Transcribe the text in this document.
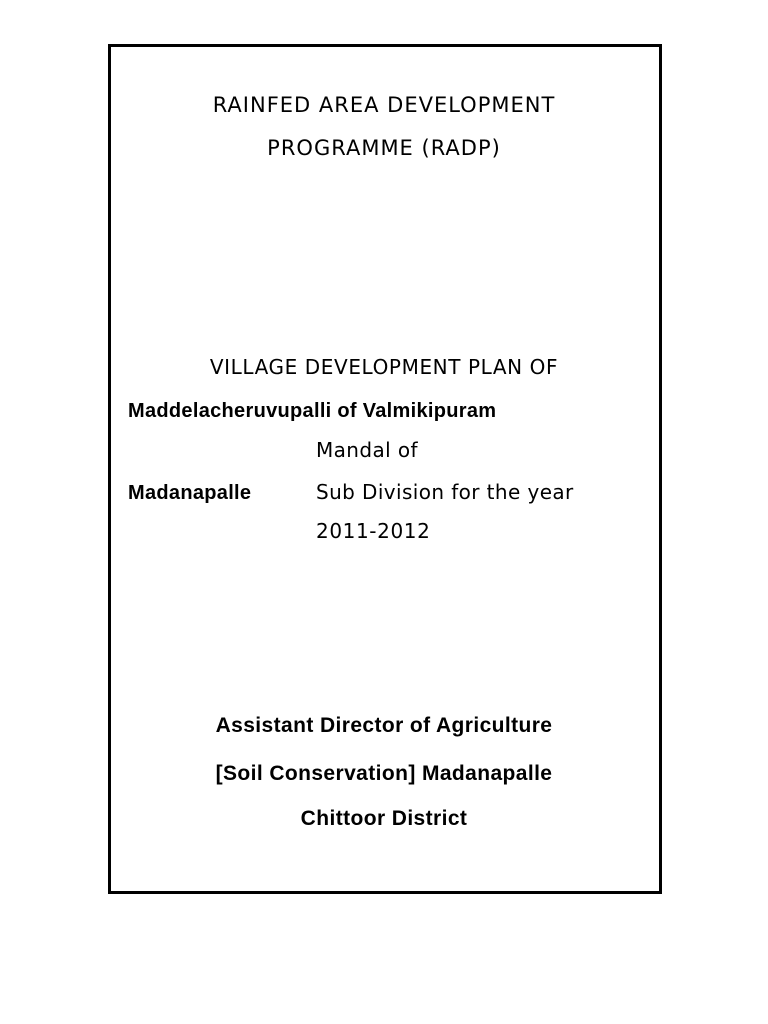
RAINFED AREA DEVELOPMENT
PROGRAMME (RADP)
VILLAGE DEVELOPMENT PLAN OF
Maddelacheruvupalli of Valmikipuram
Mandal of
Madanapalle	Sub Division for the year
2011-2012
Assistant Director of Agriculture
[Soil Conservation] Madanapalle
Chittoor District
